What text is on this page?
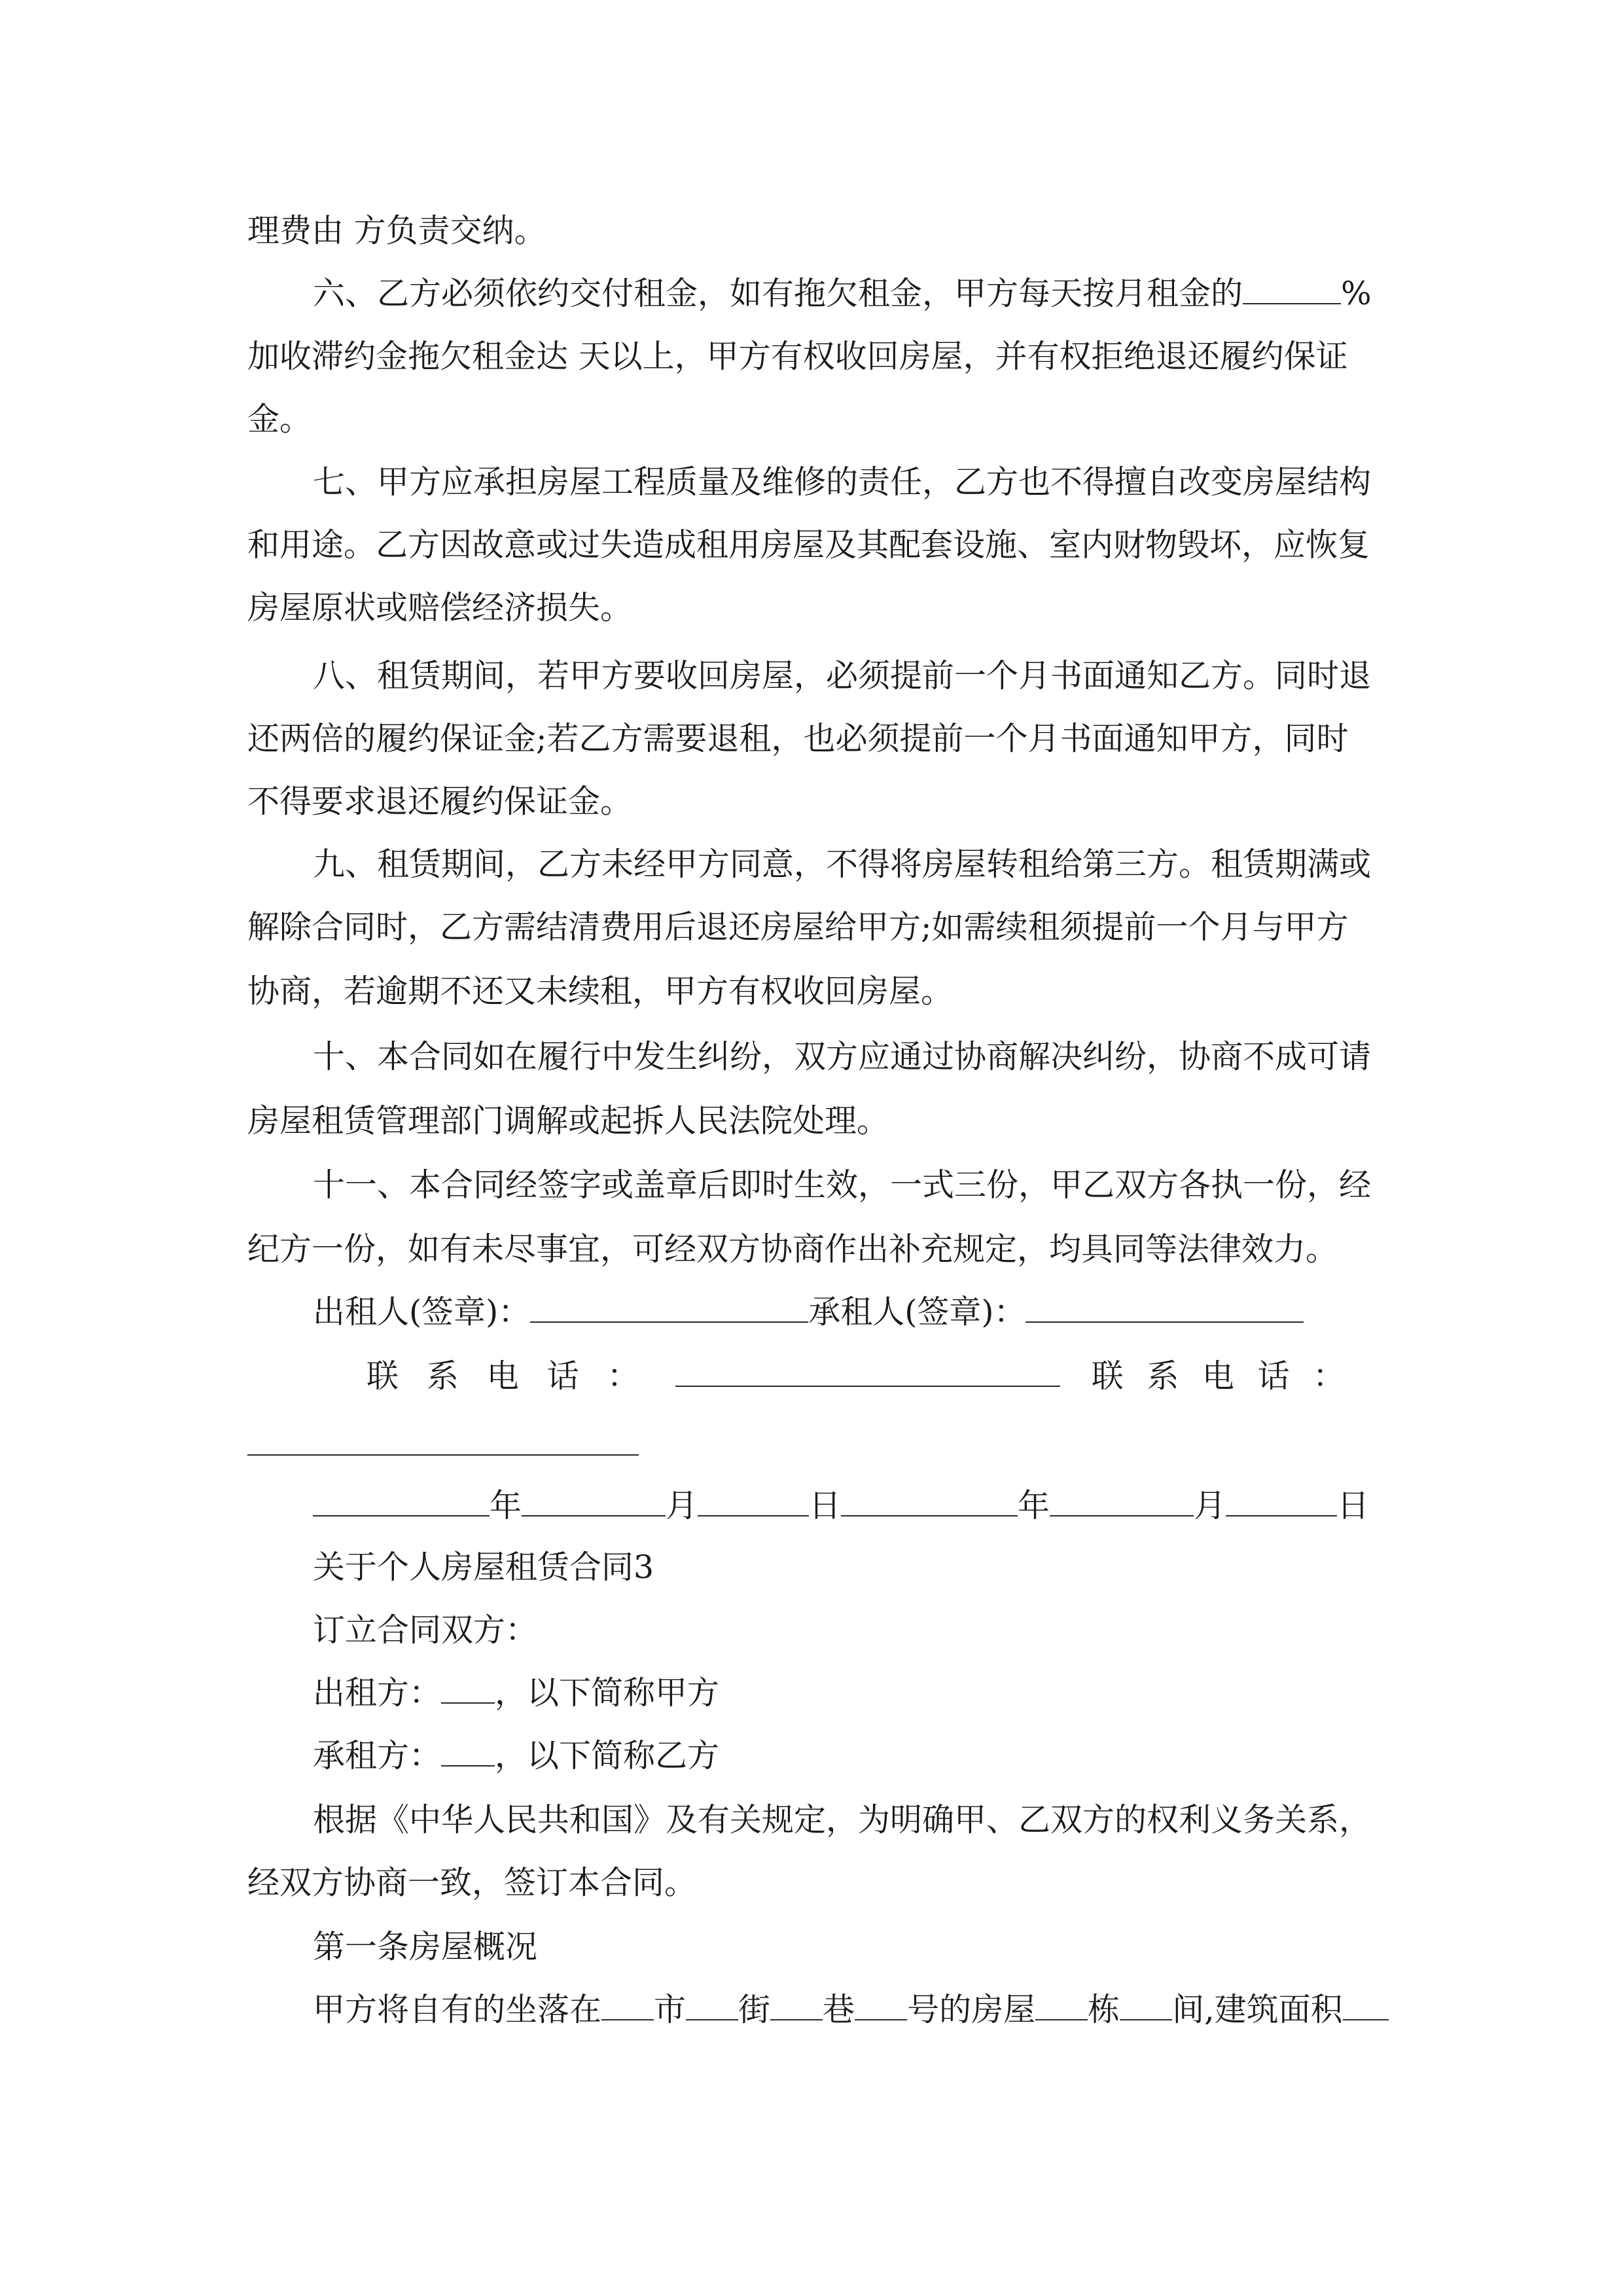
理费由 方负责交纳。
六、乙方必须依约交付租金，如有拖欠租金，甲方每天按月租金的	%
加收滞约金拖欠租金达 天以上，甲方有权收回房屋，并有权拒绝退还履约保证
金。
七、甲方应承担房屋工程质量及维修的责任，乙方也不得擅自改变房屋结构
和用途。乙方因故意或过失造成租用房屋及其配套设施、室内财物毁坏，应恢复
房屋原状或赔偿经济损失。
八、租赁期间，若甲方要收回房屋，必须提前一个月书面通知乙方。同时退
还两倍的履约保证金;若乙方需要退租，也必须提前一个月书面通知甲方，同时
不得要求退还履约保证金。
九、租赁期间，乙方未经甲方同意，不得将房屋转租给第三方。租赁期满或
解除合同时，乙方需结清费用后退还房屋给甲方;如需续租须提前一个月与甲方
协商，若逾期不还又未续租，甲方有权收回房屋。
十、本合同如在履行中发生纠纷，双方应通过协商解决纠纷，协商不成可请
房屋租赁管理部门调解或起拆人民法院处理。
十一、本合同经签字或盖章后即时生效，一式三份，甲乙双方各执一份，经
纪方一份，如有未尽事宜，可经双方协商作出补充规定，均具同等法律效力。
出租人(签章)：	承租人(签章)：
联 系 电 话 ：	联 系 电 话 ：
年	月	日	年	月	日
关于个人房屋租赁合同3
订立合同双方：
出租方： ，以下简称甲方
承租方： ，以下简称乙方
根据《中华人民共和国》及有关规定，为明确甲、乙双方的权利义务关系，
经双方协商一致，签订本合同。
第一条房屋概况
甲方将自有的坐落在 市 街 巷 号的房屋 栋 间,建筑面积
